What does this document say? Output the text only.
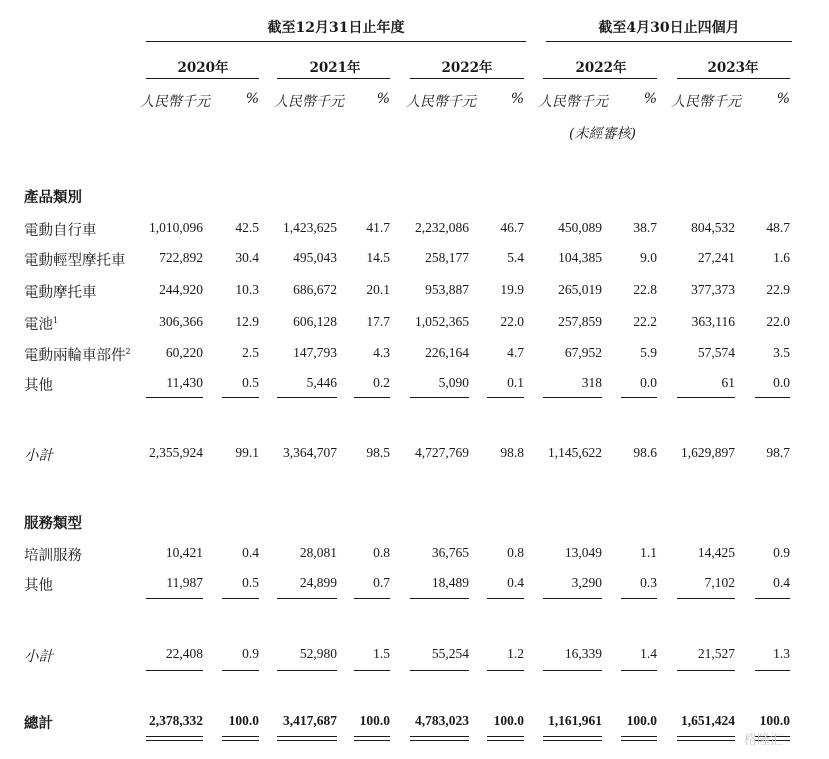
截至12月31日止年度	截至4月30日止四個月
2020年	2021年	2022年	2022年	2023年
人民幣千元	% 人民幣千元	% 人民幣千元	% 人民幣千元	% 人民幣千元	%
(未經審核)
產品類別
電動自行車	1,010,096	42.5	1,423,625	41.7	2,232,086	46.7	450,089	38.7	804,532	48.7
電動輕型摩托車	722,892	30.4	495,043	14.5	258,177	5.4	104,385	9.0	27,241	1.6
電動摩托車	244,920	10.3	686,672	20.1	953,887	19.9	265,019	22.8	377,373	22.9
電池$^1$	306,366	12.9	606,128	17.7	1,052,365	22.0	257,859	22.2	363,116	22.0
電動兩輪車部件$^2$	60,220	2.5	147,793	4.3	226,164	4.7	67,952	5.9	57,574	3.5
其他	11,430	0.5	5,446	0.2	5,090	0.1	318	0.0	61	0.0
小計	2,355,924	99.1	3,364,707	98.5	4,727,769	98.8	1,145,622	98.6	1,629,897	98.7
服務類型
培訓服務	10,421	0.4	28,081	0.8	36,765	0.8	13,049	1.1	14,425	0.9
其他	11,987	0.5	24,899	0.7	18,489	0.4	3,290	0.3	7,102	0.4
小計	22,408	0.9	52,980	1.5	55,254	1.2	16,339	1.4	21,527	1.3
總計	2,378,332	100.0	3,417,687	100.0	4,783,023	100.0	1,161,961	100.0	1,651,424	100.0
格隆汇
